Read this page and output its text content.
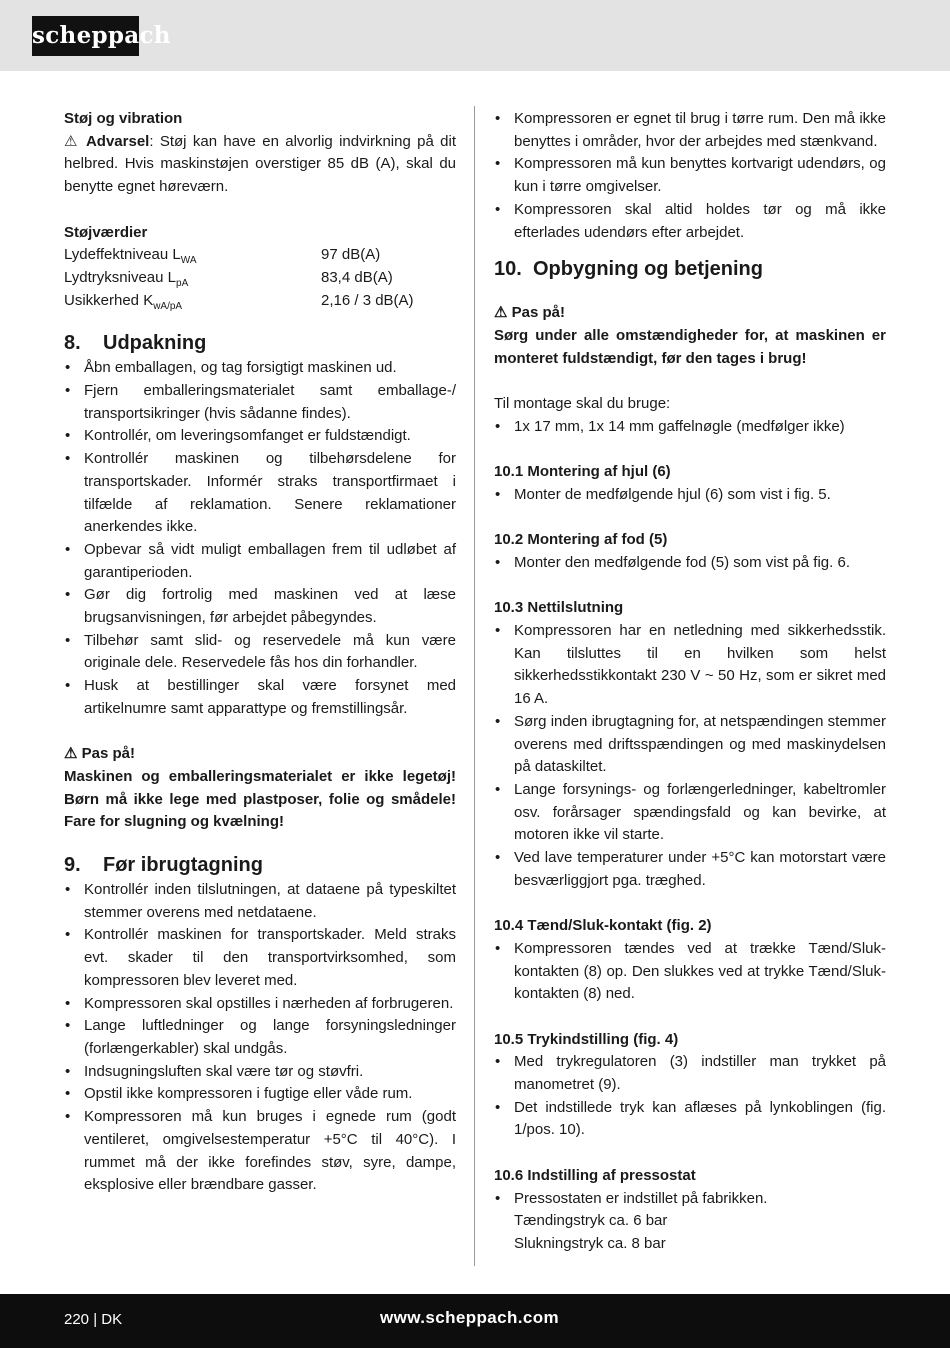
scheppach

Støj og vibration

⚠ Advarsel: Støj kan have en alvorlig indvirkning på dit helbred. Hvis maskinstøjen overstiger 85 dB (A), skal du benytte egnet høreværn.

Støjværdier

Lydeffektniveau $L_{WA}$	97 dB(A)
Lydtryksniveau $L_{pA}$	83,4 dB(A)
Usikkerhed $K_{wA/pA}$	2,16 / 3 dB(A)
8. Udpakning
• Åbn emballagen, og tag forsigtigt maskinen ud.
• Fjern emballeringsmaterialet samt emballage-/ transportsikringer (hvis sådanne findes).
• Kontrollér, om leveringsomfanget er fuldstændigt.
• Kontrollér maskinen og tilbehørsdelene for transportskader. Informér straks transportfirmaet i tilfælde af reklamation. Senere reklamationer anerkendes ikke.
• Opbevar så vidt muligt emballagen frem til udløbet af garantiperioden.
• Gør dig fortrolig med maskinen ved at læse brugsanvisningen, før arbejdet påbegyndes.
• Tilbehør samt slid- og reservedele må kun være originale dele. Reservedele fås hos din forhandler.
• Husk at bestillinger skal være forsynet med artikelnumre samt apparattype og fremstillingsår.

⚠ Pas på!

Maskinen og emballeringsmaterialet er ikke legetøj! Børn må ikke lege med plastposer, folie og smådele! Fare for slugning og kvælning!

9. Før ibrugtagning
• Kontrollér inden tilslutningen, at dataene på typeskiltet stemmer overens med netdataene.
• Kontrollér maskinen for transportskader. Meld straks evt. skader til den transportvirksomhed, som kompressoren blev leveret med.
• Kompressoren skal opstilles i nærheden af forbrugeren.
• Lange luftledninger og lange forsyningsledninger (forlængerkabler) skal undgås.
• Indsugningsluften skal være tør og støvfri.
• Opstil ikke kompressoren i fugtige eller våde rum.
• Kompressoren må kun bruges i egnede rum (godt ventileret, omgivelsestemperatur +5°C til 40°C). I rummet må der ikke forefindes støv, syre, dampe, eksplosive eller brændbare gasser.
• Kompressoren er egnet til brug i tørre rum. Den må ikke benyttes i områder, hvor der arbejdes med stænkvand.
• Kompressoren må kun benyttes kortvarigt udendørs, og kun i tørre omgivelser.
• Kompressoren skal altid holdes tør og må ikke efterlades udendørs efter arbejdet.
10. Opbygning og betjening

⚠ Pas på!

Sørg under alle omstændigheder for, at maskinen er monteret fuldstændigt, før den tages i brug!

Til montage skal du bruge:

• 1x 17 mm, 1x 14 mm gaffelnøgle (medfølger ikke)

10.1 Montering af hjul (6)

• Monter de medfølgende hjul (6) som vist i fig. 5.

10.2 Montering af fod (5)

• Monter den medfølgende fod (5) som vist på fig. 6.

10.3 Nettilslutning

• Kompressoren har en netledning med sikkerhedsstik. Kan tilsluttes til en hvilken som helst sikkerhedsstikkontakt 230 V ~ 50 Hz, som er sikret med 16 A.
• Sørg inden ibrugtagning for, at netspændingen stemmer overens med driftsspændingen og med maskinydelsen på dataskiltet.
• Lange forsynings- og forlængerledninger, kabeltromler osv. forårsager spændingsfald og kan bevirke, at motoren ikke vil starte.
• Ved lave temperaturer under +5°C kan motorstart være besværliggjort pga. træghed.

10.4 Tænd/Sluk-kontakt (fig. 2)

• Kompressoren tændes ved at trække Tænd/Sluk-kontakten (8) op. Den slukkes ved at trykke Tænd/Sluk-kontakten (8) ned.

10.5 Trykindstilling (fig. 4)

• Med trykregulatoren (3) indstiller man trykket på manometret (9).
• Det indstillede tryk kan aflæses på lynkoblingen (fig. 1/pos. 10).

10.6 Indstilling af pressostat

• Pressostaten er indstillet på fabrikken.
Tændingstryk ca. 6 bar
Slukningstryk ca. 8 bar
220 | DK	www.scheppach.com
